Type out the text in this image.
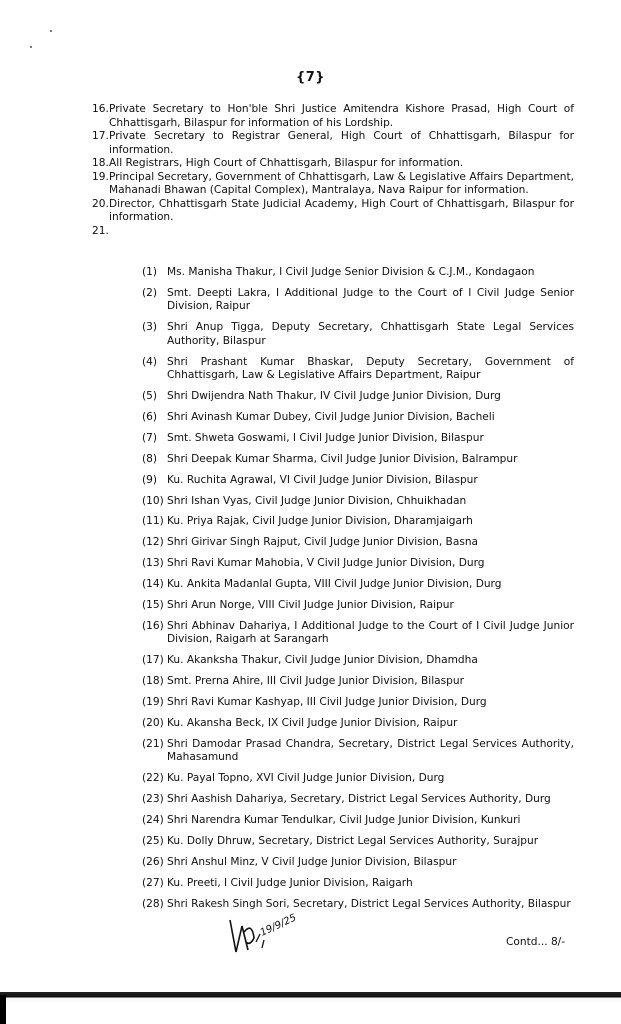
{7}
16. Private Secretary to Hon'ble Shri Justice Amitendra Kishore Prasad, High Court of Chhattisgarh, Bilaspur for information of his Lordship.
17. Private Secretary to Registrar General, High Court of Chhattisgarh, Bilaspur for information.
18. All Registrars, High Court of Chhattisgarh, Bilaspur for information.
19. Principal Secretary, Government of Chhattisgarh, Law & Legislative Affairs Department, Mahanadi Bhawan (Capital Complex), Mantralaya, Nava Raipur for information.
20. Director, Chhattisgarh State Judicial Academy, High Court of Chhattisgarh, Bilaspur for information.
21.
(1) Ms. Manisha Thakur, I Civil Judge Senior Division & C.J.M., Kondagaon
(2) Smt. Deepti Lakra, I Additional Judge to the Court of I Civil Judge Senior Division, Raipur
(3) Shri Anup Tigga, Deputy Secretary, Chhattisgarh State Legal Services Authority, Bilaspur
(4) Shri Prashant Kumar Bhaskar, Deputy Secretary, Government of Chhattisgarh, Law & Legislative Affairs Department, Raipur
(5) Shri Dwijendra Nath Thakur, IV Civil Judge Junior Division, Durg
(6) Shri Avinash Kumar Dubey, Civil Judge Junior Division, Bacheli
(7) Smt. Shweta Goswami, I Civil Judge Junior Division, Bilaspur
(8) Shri Deepak Kumar Sharma, Civil Judge Junior Division, Balrampur
(9) Ku. Ruchita Agrawal, VI Civil Judge Junior Division, Bilaspur
(10) Shri Ishan Vyas, Civil Judge Junior Division, Chhuikhadan
(11) Ku. Priya Rajak, Civil Judge Junior Division, Dharamjaigarh
(12) Shri Girivar Singh Rajput, Civil Judge Junior Division, Basna
(13) Shri Ravi Kumar Mahobia, V Civil Judge Junior Division, Durg
(14) Ku. Ankita Madanlal Gupta, VIII Civil Judge Junior Division, Durg
(15) Shri Arun Norge, VIII Civil Judge Junior Division, Raipur
(16) Shri Abhinav Dahariya, I Additional Judge to the Court of I Civil Judge Junior Division, Raigarh at Sarangarh
(17) Ku. Akanksha Thakur, Civil Judge Junior Division, Dhamdha
(18) Smt. Prerna Ahire, III Civil Judge Junior Division, Bilaspur
(19) Shri Ravi Kumar Kashyap, III Civil Judge Junior Division, Durg
(20) Ku. Akansha Beck, IX Civil Judge Junior Division, Raipur
(21) Shri Damodar Prasad Chandra, Secretary, District Legal Services Authority, Mahasamund
(22) Ku. Payal Topno, XVI Civil Judge Junior Division, Durg
(23) Shri Aashish Dahariya, Secretary, District Legal Services Authority, Durg
(24) Shri Narendra Kumar Tendulkar, Civil Judge Junior Division, Kunkuri
(25) Ku. Dolly Dhruw, Secretary, District Legal Services Authority, Surajpur
(26) Shri Anshul Minz, V Civil Judge Junior Division, Bilaspur
(27) Ku. Preeti, I Civil Judge Junior Division, Raigarh
(28) Shri Rakesh Singh Sori, Secretary, District Legal Services Authority, Bilaspur
19/9/25
Contd... 8/-
